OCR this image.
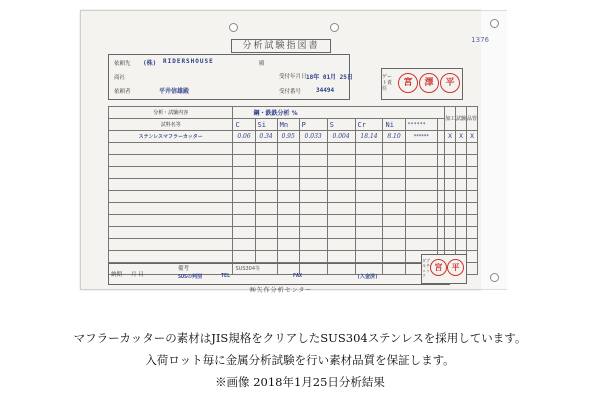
分析試験指図書
1376
依頼先 (株) RIDERSHOUSE	殿
商社
依頼者	平井信雄殿
受付年月日 18年 01月 25日
受付番号 34494
ゲート責任
宮	澤	平
分析・試験内容	鋼・鉄鉄分析 %									加工	試験	品管
試料名等	C	Si	Mn	P	S	Cr	Ni	******				
ステンレスマフラーカッター	0.06	0.34	0.95	0.033	0.004	18.14	8.10	******		X	X	X

	SUS304等											
納期 月 日
備考
SUSの判別	TEL	FAX	(入金済)
ダブルチェック
宮	平
㈱矢作分析センター
マフラーカッターの素材はJIS規格をクリアしたSUS304ステンレスを採用しています。
入荷ロット毎に金属分析試験を行い素材品質を保証します。
※画像 2018年1月25日分析結果
